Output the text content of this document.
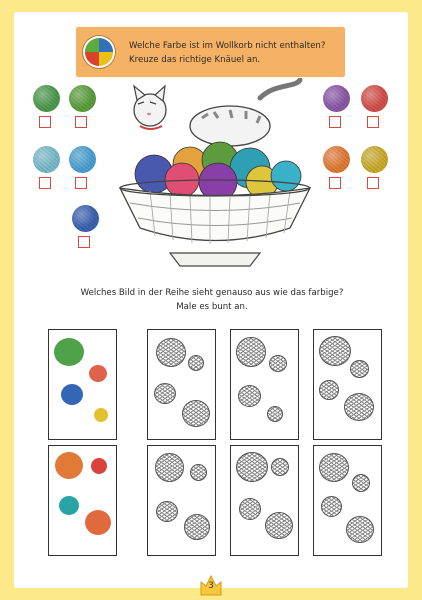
Welche Farbe ist im Wollkorb nicht enthalten?
Kreuze das richtige Knäuel an.
Welches Bild in der Reihe sieht genauso aus wie das farbige?
Male es bunt an.
3
